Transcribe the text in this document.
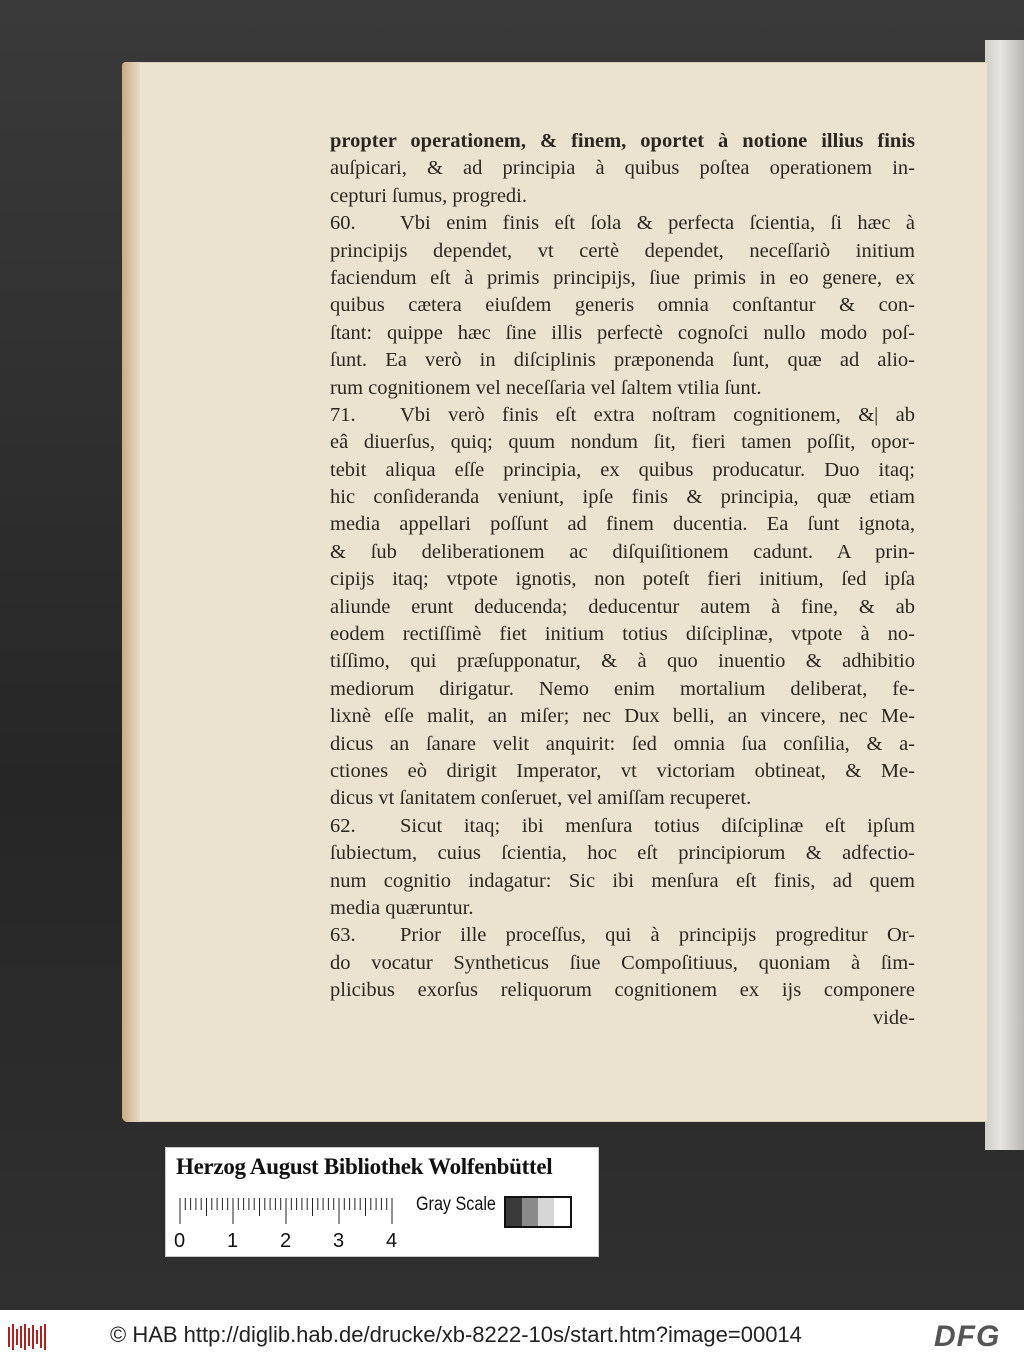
propter operationem, & finem, oportet à notione illius finis
auſpicari, & ad principia à quibus poſtea operationem in-
cepturi ſumus, progredi.
60. Vbi enim finis eſt ſola & perfecta ſcientia, ſi hæc à
principijs dependet, vt certè dependet, neceſſariò initium
faciendum eſt à primis principijs, ſiue primis in eo genere, ex
quibus cætera eiuſdem generis omnia conſtantur & con-
ſtant: quippe hæc ſine illis perfectè cognoſci nullo modo poſ-
ſunt. Ea verò in diſciplinis præponenda ſunt, quæ ad alio-
rum cognitionem vel neceſſaria vel ſaltem vtilia ſunt.
71. Vbi verò finis eſt extra noſtram cognitionem, &| ab
eâ diuerſus, quiq; quum nondum ſit, fieri tamen poſſit, opor-
tebit aliqua eſſe principia, ex quibus producatur. Duo itaq;
hic conſideranda veniunt, ipſe finis & principia, quæ etiam
media appellari poſſunt ad finem ducentia. Ea ſunt ignota,
& ſub deliberationem ac diſquiſitionem cadunt. A prin-
cipijs itaq; vtpote ignotis, non poteſt fieri initium, ſed ipſa
aliunde erunt deducenda; deducentur autem à fine, & ab
eodem rectiſſimè fiet initium totius diſciplinæ, vtpote à no-
tiſſimo, qui præſupponatur, & à quo inuentio & adhibitio
mediorum dirigatur. Nemo enim mortalium deliberat, fe-
lixnè eſſe malit, an miſer; nec Dux belli, an vincere, nec Me-
dicus an ſanare velit anquirit: ſed omnia ſua conſilia, & a-
ctiones eò dirigit Imperator, vt victoriam obtineat, & Me-
dicus vt ſanitatem conſeruet, vel amiſſam recuperet.
62. Sicut itaq; ibi menſura totius diſciplinæ eſt ipſum
ſubiectum, cuius ſcientia, hoc eſt principiorum & adfectio-
num cognitio indagatur: Sic ibi menſura eſt finis, ad quem
media quæruntur.
63. Prior ille proceſſus, qui à principijs progreditur Or-
do vocatur Syntheticus ſiue Compoſitiuus, quoniam à ſim-
plicibus exorſus reliquorum cognitionem ex ijs componere
vide-
Herzog August Bibliothek Wolfenbüttel
0 1 2 3 4
Gray Scale
© HAB http://diglib.hab.de/drucke/xb-8222-10s/start.htm?image=00014	DFG
